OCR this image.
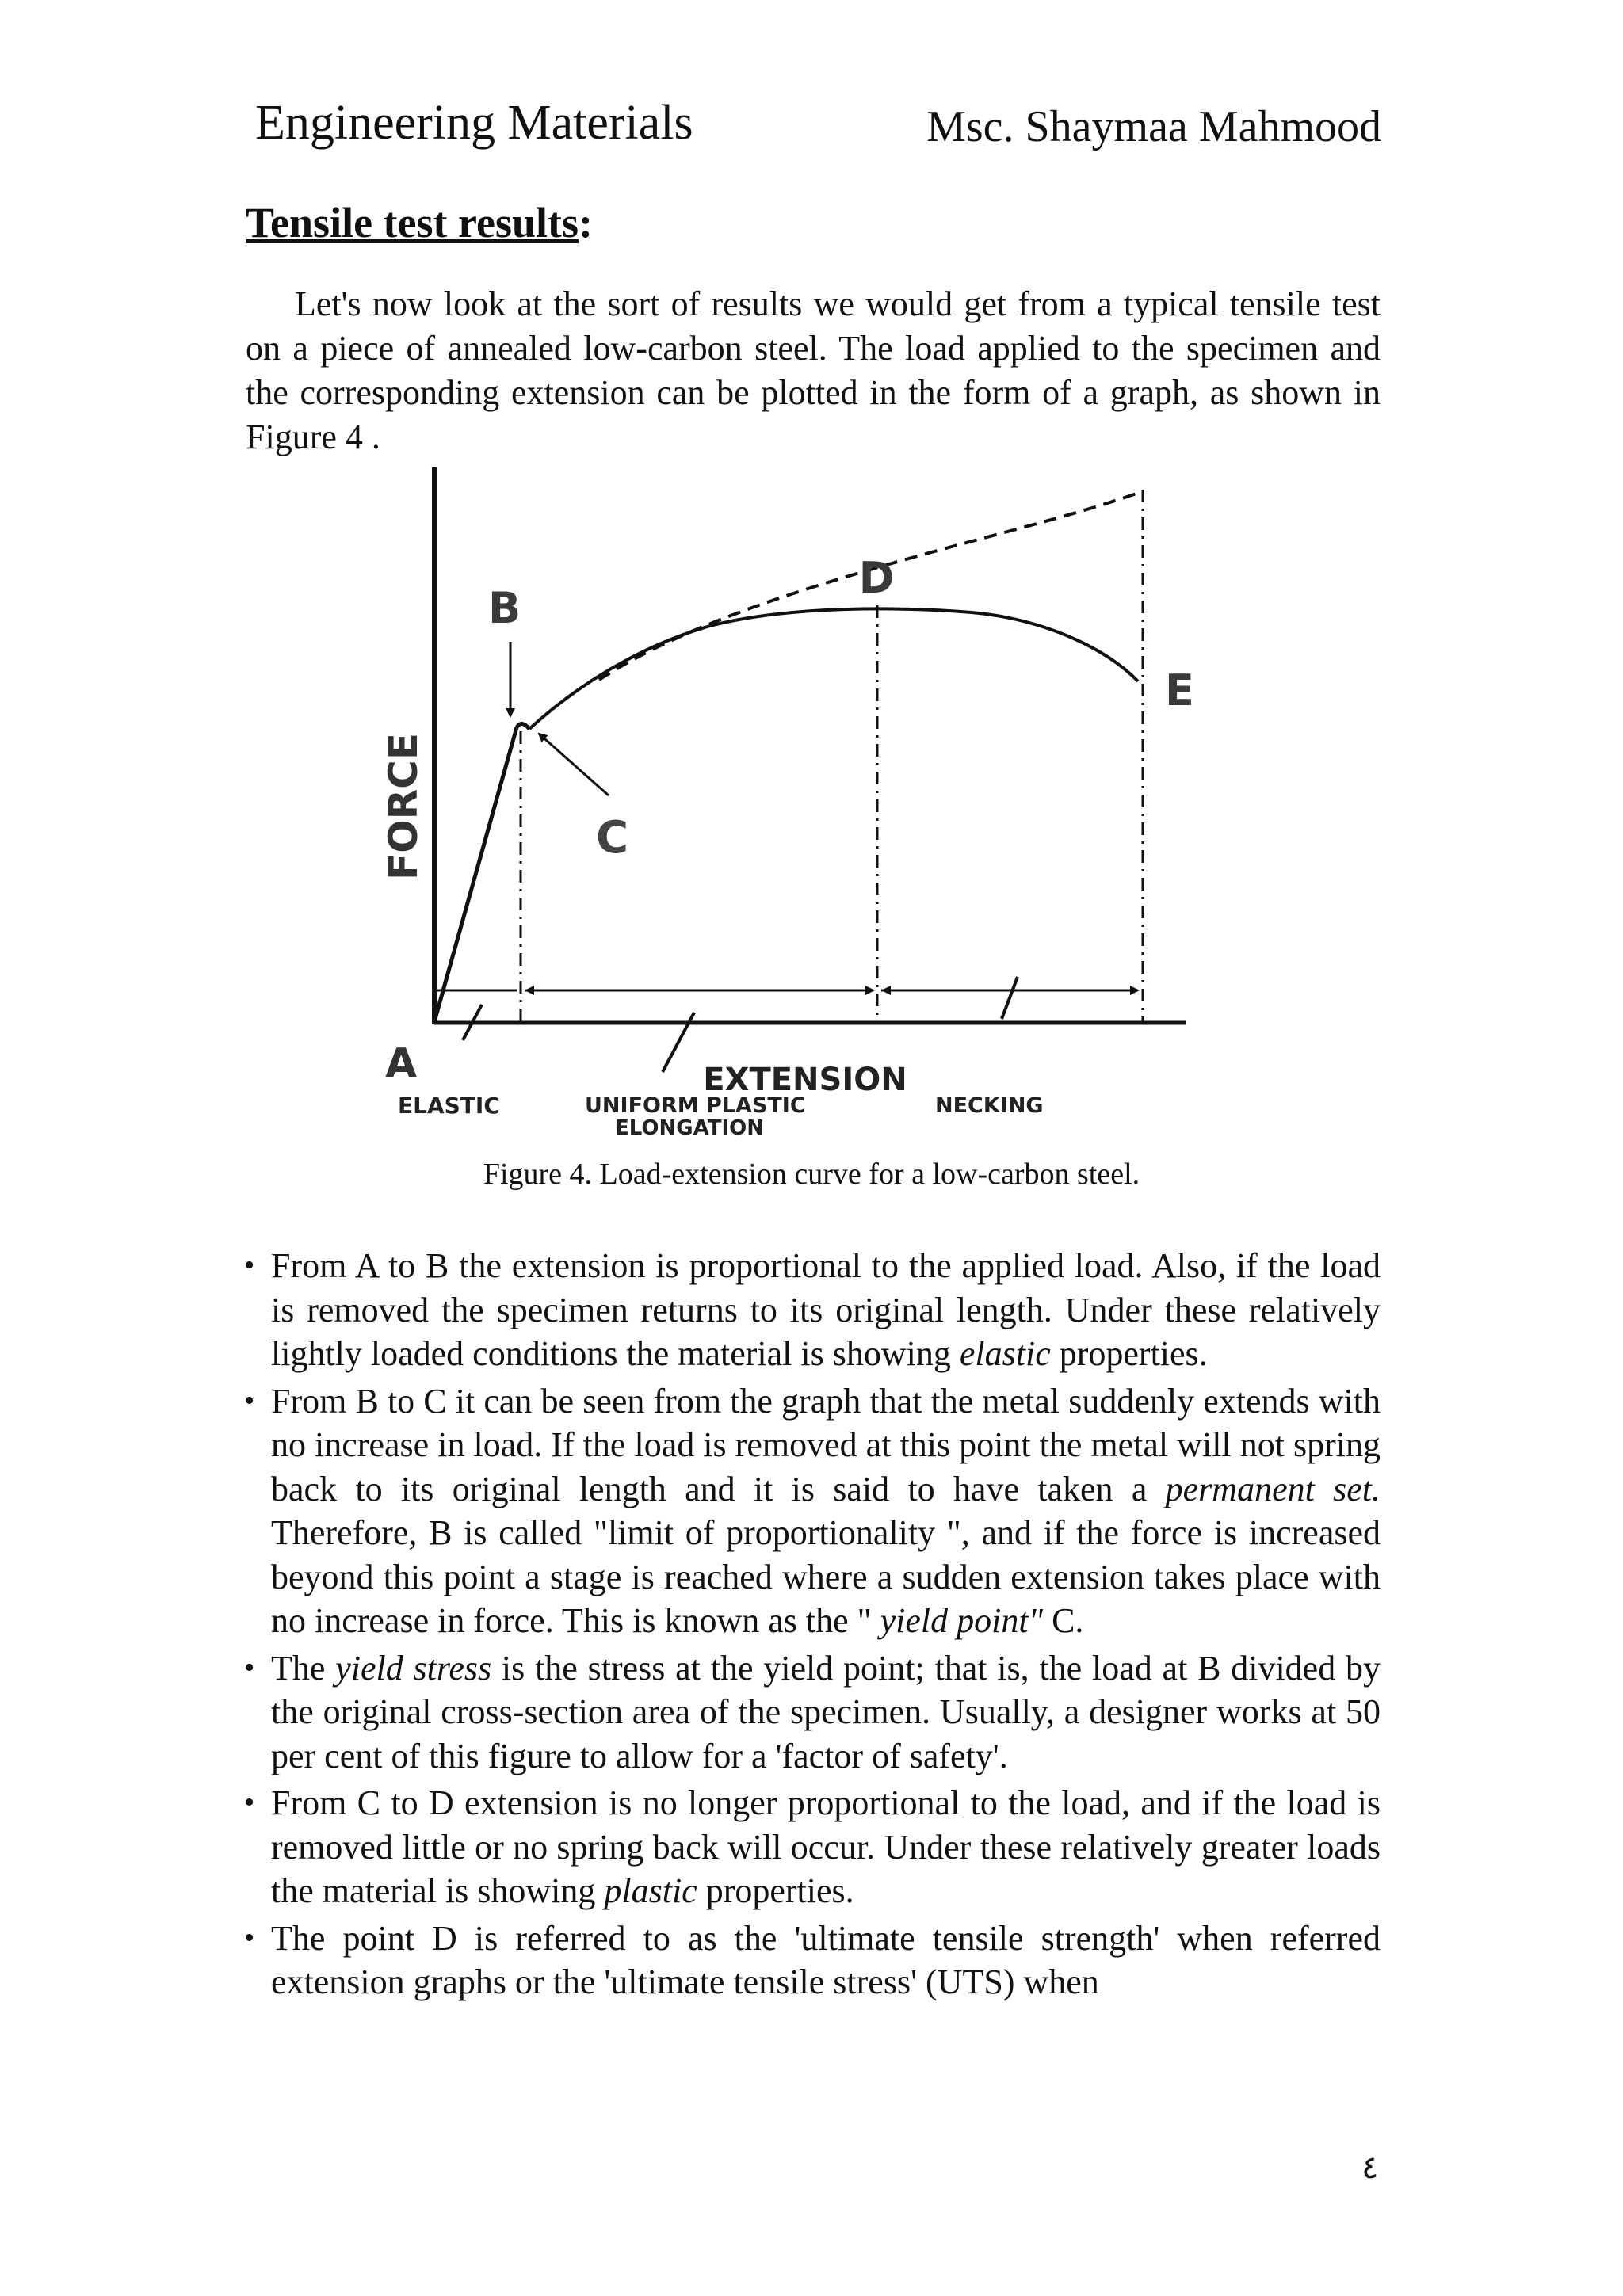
Engineering Materials	Msc. Shaymaa Mahmood
Tensile test results:

Let's now look at the sort of results we would get from a typical tensile test on a piece of annealed low-carbon steel. The load applied to the specimen and the corresponding extension can be plotted in the form of a graph, as shown in Figure 4 .

FORCE
EXTENSION
A
B
C
D
E
ELASTIC	UNIFORM PLASTIC
ELONGATION
NECKING
Figure 4. Load-extension curve for a low-carbon steel.
• From A to B the extension is proportional to the applied load. Also, if the load is removed the specimen returns to its original length. Under these relatively lightly loaded conditions the material is showing elastic properties.
• From B to C it can be seen from the graph that the metal suddenly extends with no increase in load. If the load is removed at this point the metal will not spring back to its original length and it is said to have taken a permanent set. Therefore, B is called "limit of proportionality ", and if the force is increased beyond this point a stage is reached where a sudden extension takes place with no increase in force. This is known as the " yield point" C.
• The yield stress is the stress at the yield point; that is, the load at B divided by the original cross-section area of the specimen. Usually, a designer works at 50 per cent of this figure to allow for a 'factor of safety'.
• From C to D extension is no longer proportional to the load, and if the load is removed little or no spring back will occur. Under these relatively greater loads the material is showing plastic properties.
• The point D is referred to as the 'ultimate tensile strength' when referred extension graphs or the 'ultimate tensile stress' (UTS) when
٤
